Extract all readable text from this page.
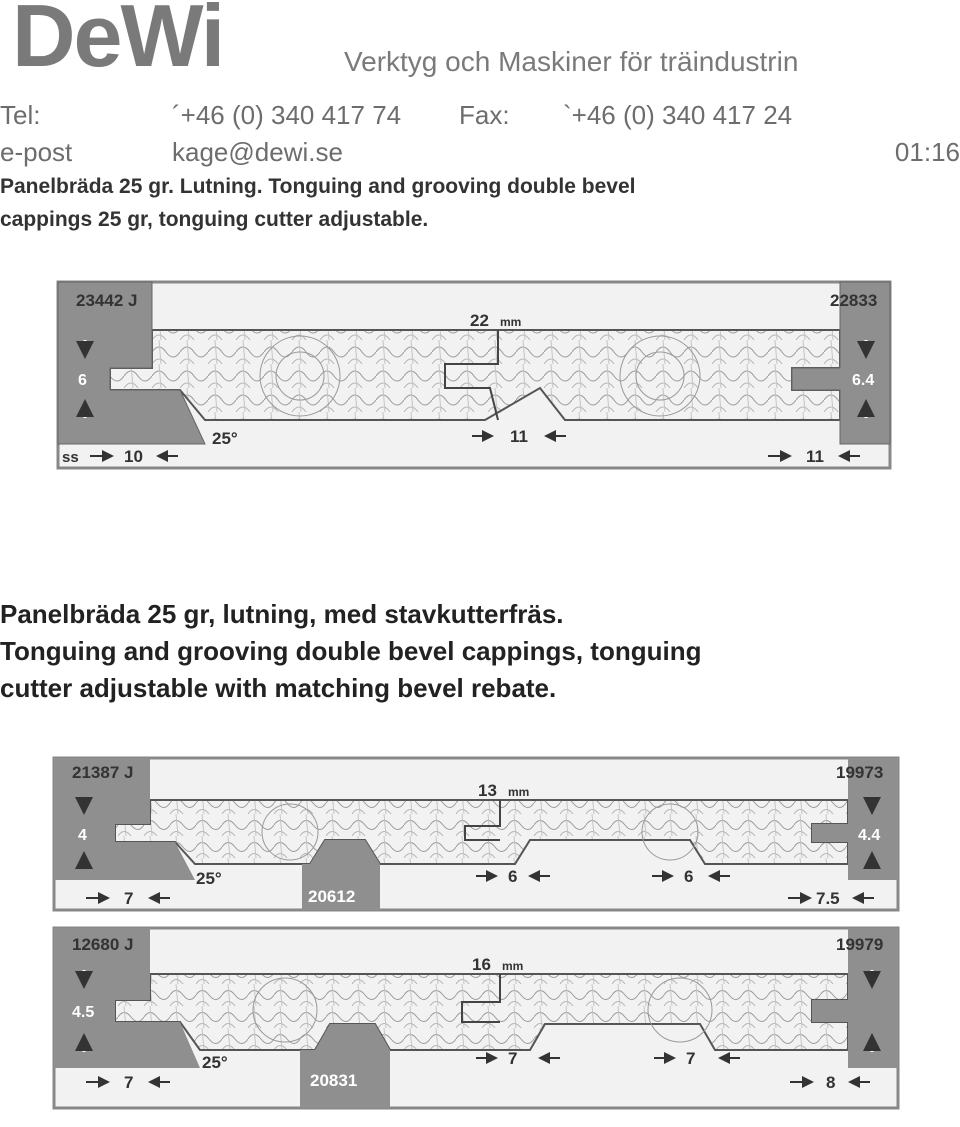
DeWi	Verktyg och Maskiner för träindustrin
Tel:	´+46 (0) 340 417 74 Fax: `+46 (0) 340 417 24
e-post	kage@dewi.se	01:16
Panelbräda 25 gr. Lutning. Tonguing and grooving double bevel
cappings 25 gr, tonguing cutter adjustable.
23442 J	22833
22 mm
6	6.4
25°	11
ss	10	11
Panelbräda 25 gr, lutning, med stavkutterfräs.
Tonguing and grooving double bevel cappings, tonguing
cutter adjustable with matching bevel rebate.
21387 J	19973
13 mm
4	4.4
25°
20612
6	6
7	7.5
12680 J	19979
16 mm
4.5
25°
20831
7	7
7	8
